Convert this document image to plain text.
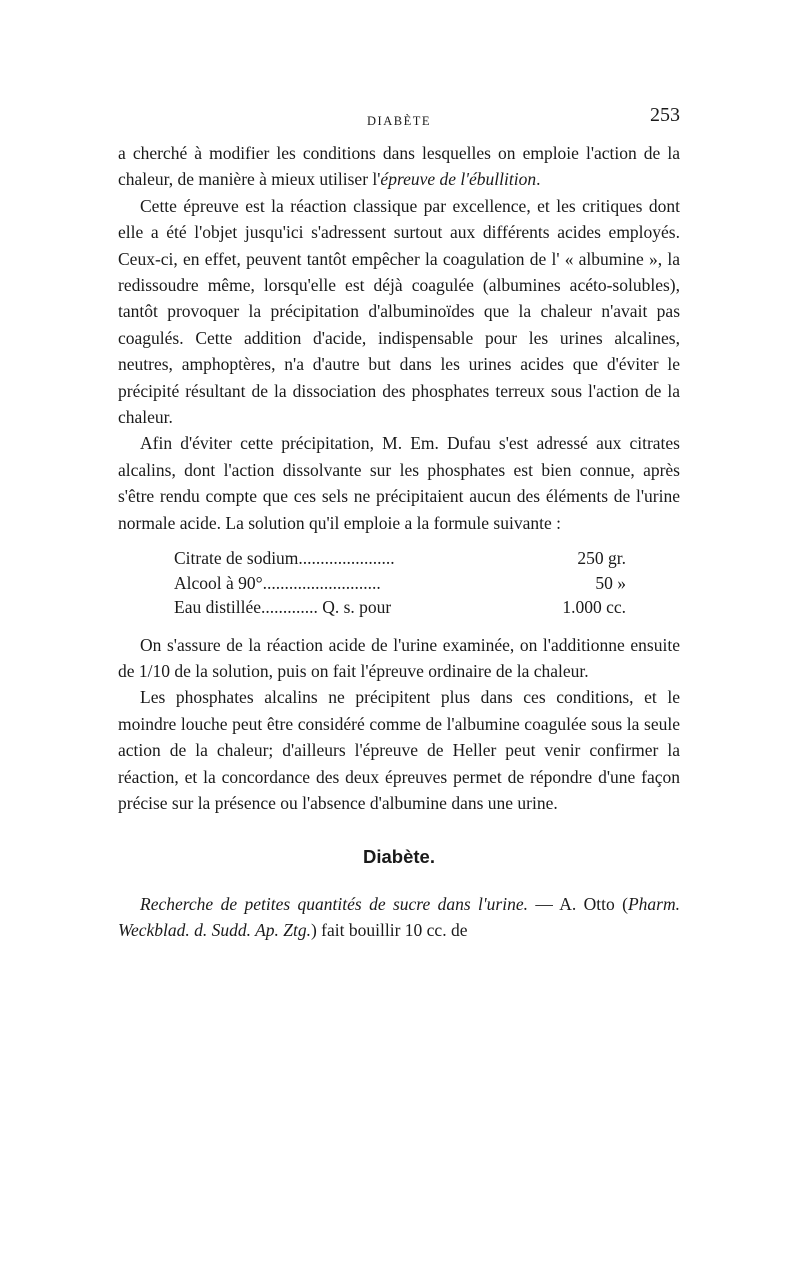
DIABÈTE	253

a cherché à modifier les conditions dans lesquelles on emploie l'action de la chaleur, de manière à mieux utiliser l'épreuve de l'ébullition.

Cette épreuve est la réaction classique par excellence, et les critiques dont elle a été l'objet jusqu'ici s'adressent surtout aux différents acides employés. Ceux-ci, en effet, peuvent tantôt empêcher la coagulation de l' « albumine », la redissoudre même, lorsqu'elle est déjà coagulée (albumines acéto-solubles), tantôt provoquer la précipitation d'albuminoïdes que la chaleur n'avait pas coagulés. Cette addition d'acide, indispensable pour les urines alcalines, neutres, amphoptères, n'a d'autre but dans les urines acides que d'éviter le précipité résultant de la dissociation des phosphates terreux sous l'action de la chaleur.

Afin d'éviter cette précipitation, M. Em. Dufau s'est adressé aux citrates alcalins, dont l'action dissolvante sur les phosphates est bien connue, après s'être rendu compte que ces sels ne précipitaient aucun des éléments de l'urine normale acide. La solution qu'il emploie a la formule suivante :

Citrate de sodium......................	250 gr.
Alcool à 90°...........................	50 »
Eau distillée............. Q. s. pour	1.000 cc.

On s'assure de la réaction acide de l'urine examinée, on l'additionne ensuite de 1/10 de la solution, puis on fait l'épreuve ordinaire de la chaleur.

Les phosphates alcalins ne précipitent plus dans ces conditions, et le moindre louche peut être considéré comme de l'albumine coagulée sous la seule action de la chaleur; d'ailleurs l'épreuve de Heller peut venir confirmer la réaction, et la concordance des deux épreuves permet de répondre d'une façon précise sur la présence ou l'absence d'albumine dans une urine.

Diabète.

Recherche de petites quantités de sucre dans l'urine. — A. Otto (Pharm. Weckblad. d. Sudd. Ap. Ztg.) fait bouillir 10 cc. de
